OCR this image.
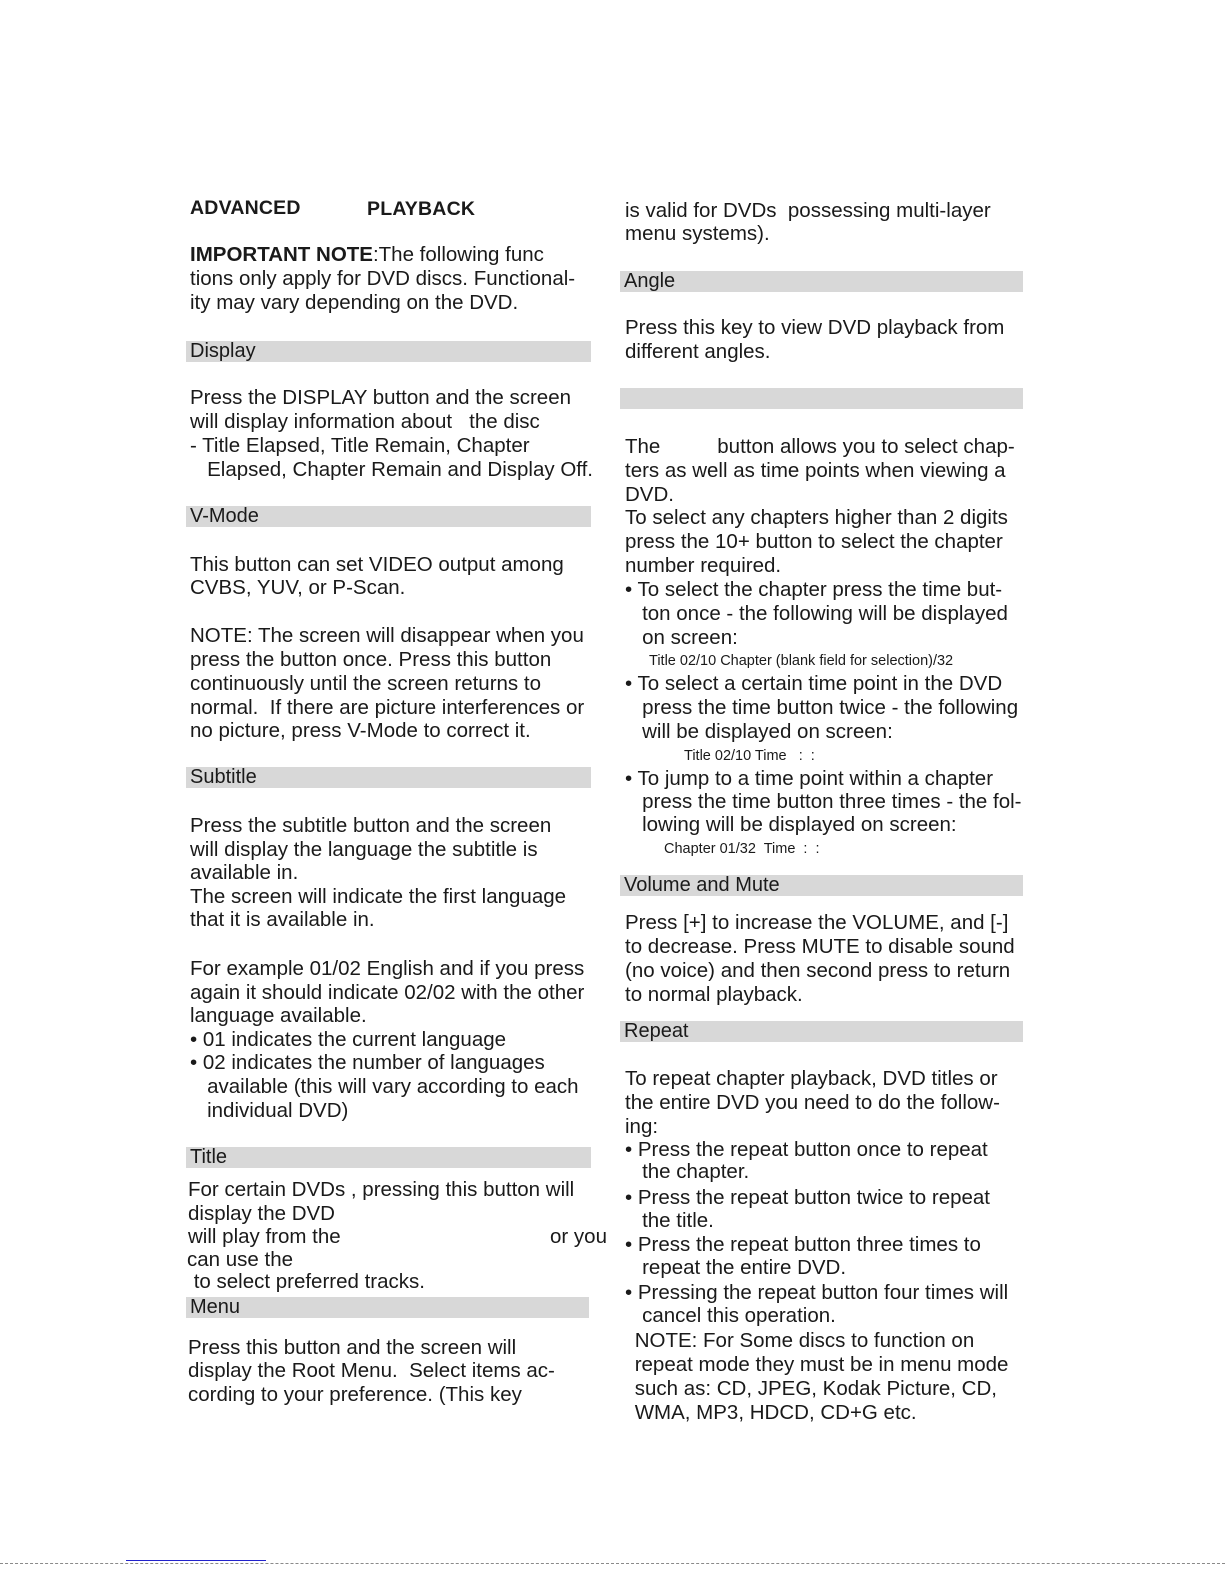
ADVANCED	PLAYBACK
IMPORTANT NOTE:The following func
tions only apply for DVD discs. Functional-
ity may vary depending on the DVD.
Display
Press the DISPLAY button and the screen
will display information about   the disc
- Title Elapsed, Title Remain, Chapter
Elapsed, Chapter Remain and Display Off.
V-Mode
This button can set VIDEO output among
CVBS, YUV, or P-Scan.
NOTE: The screen will disappear when you
press the button once. Press this button
continuously until the screen returns to
normal.  If there are picture interferences or
no picture, press V-Mode to correct it.
Subtitle
Press the subtitle button and the screen
will display the language the subtitle is
available in.
The screen will indicate the first language
that it is available in.
For example 01/02 English and if you press
again it should indicate 02/02 with the other
language available.
• 01 indicates the current language
• 02 indicates the number of languages
available (this will vary according to each
individual DVD)
Title
For certain DVDs , pressing this button will
display the DVD
will play from the	or you
can use the
to select preferred tracks.
Menu
Press this button and the screen will
display the Root Menu.  Select items ac-
cording to your preference. (This key
is valid for DVDs  possessing multi-layer
menu systems).
Angle
Press this key to view DVD playback from
different angles.
The          button allows you to select chap-
ters as well as time points when viewing a
DVD.
To select any chapters higher than 2 digits
press the 10+ button to select the chapter
number required.
• To select the chapter press the time but-
ton once - the following will be displayed
on screen:
Title 02/10 Chapter (blank field for selection)/32
• To select a certain time point in the DVD
press the time button twice - the following
will be displayed on screen:
Title 02/10 Time   :  :
• To jump to a time point within a chapter
press the time button three times - the fol-
lowing will be displayed on screen:
Chapter 01/32  Time  :  :
Volume and Mute
Press [+] to increase the VOLUME, and [-]
to decrease. Press MUTE to disable sound
(no voice) and then second press to return
to normal playback.
Repeat
To repeat chapter playback, DVD titles or
the entire DVD you need to do the follow-
ing:
• Press the repeat button once to repeat
the chapter.
• Press the repeat button twice to repeat
the title.
• Press the repeat button three times to
repeat the entire DVD.
• Pressing the repeat button four times will
cancel this operation.
NOTE: For Some discs to function on
repeat mode they must be in menu mode
such as: CD, JPEG, Kodak Picture, CD,
WMA, MP3, HDCD, CD+G etc.
